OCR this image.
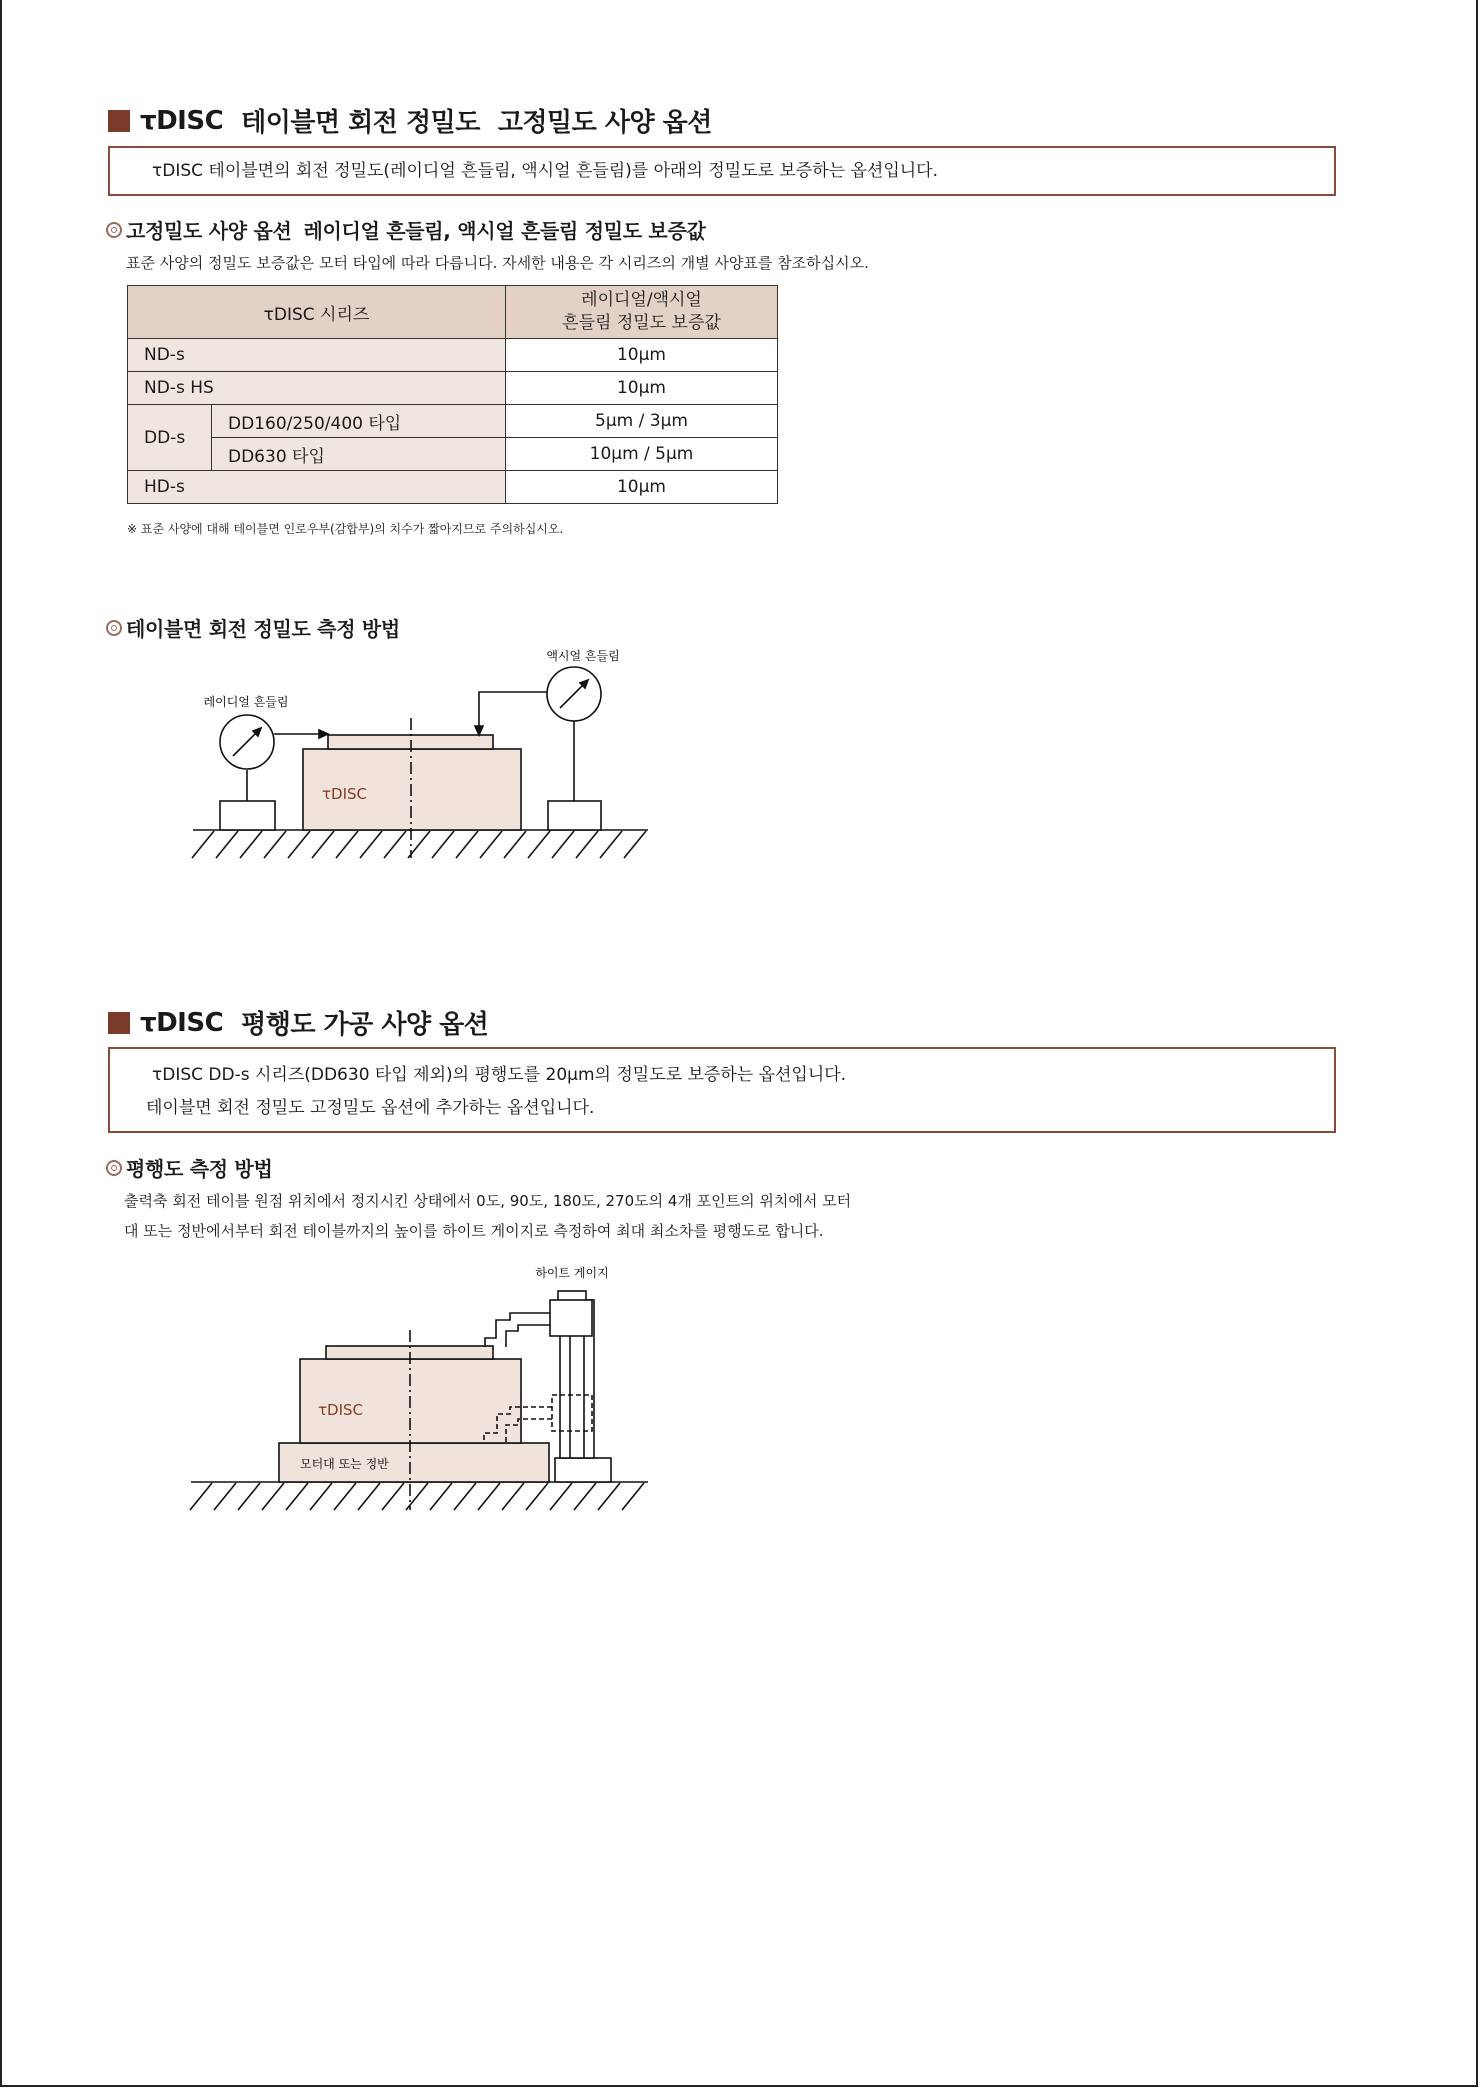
τDISC 테이블면 회전 정밀도 고정밀도 사양 옵션
τDISC 테이블면의 회전 정밀도(레이디얼 흔들림, 액시얼 흔들림)를 아래의 정밀도로 보증하는 옵션입니다.
고정밀도 사양 옵션 레이디얼 흔들림, 액시얼 흔들림 정밀도 보증값
표준 사양의 정밀도 보증값은 모터 타입에 따라 다릅니다. 자세한 내용은 각 시리즈의 개별 사양표를 참조하십시오.
τDISC 시리즈		레이디얼/액시얼
흔들림 정밀도 보증값

ND-s		10μm
ND-s HS		10μm
DD-s	DD160/250/400 타입	5μm / 3μm
	DD630 타입	10μm / 5μm
HD-s		10μm
※ 표준 사양에 대해 테이블면 인로우부(감합부)의 치수가 짧아지므로 주의하십시오.
테이블면 회전 정밀도 측정 방법
액시얼 흔들림
레이디얼 흔들림
τDISC
τDISC 평행도 가공 사양 옵션
τDISC DD-s 시리즈(DD630 타입 제외)의 평행도를 20μm의 정밀도로 보증하는 옵션입니다.
테이블면 회전 정밀도 고정밀도 옵션에 추가하는 옵션입니다.
평행도 측정 방법
출력축 회전 테이블 원점 위치에서 정지시킨 상태에서 0도, 90도, 180도, 270도의 4개 포인트의 위치에서 모터
대 또는 정반에서부터 회전 테이블까지의 높이를 하이트 게이지로 측정하여 최대 최소차를 평행도로 합니다.
하이트 게이지
τDISC
모터대 또는 정반
